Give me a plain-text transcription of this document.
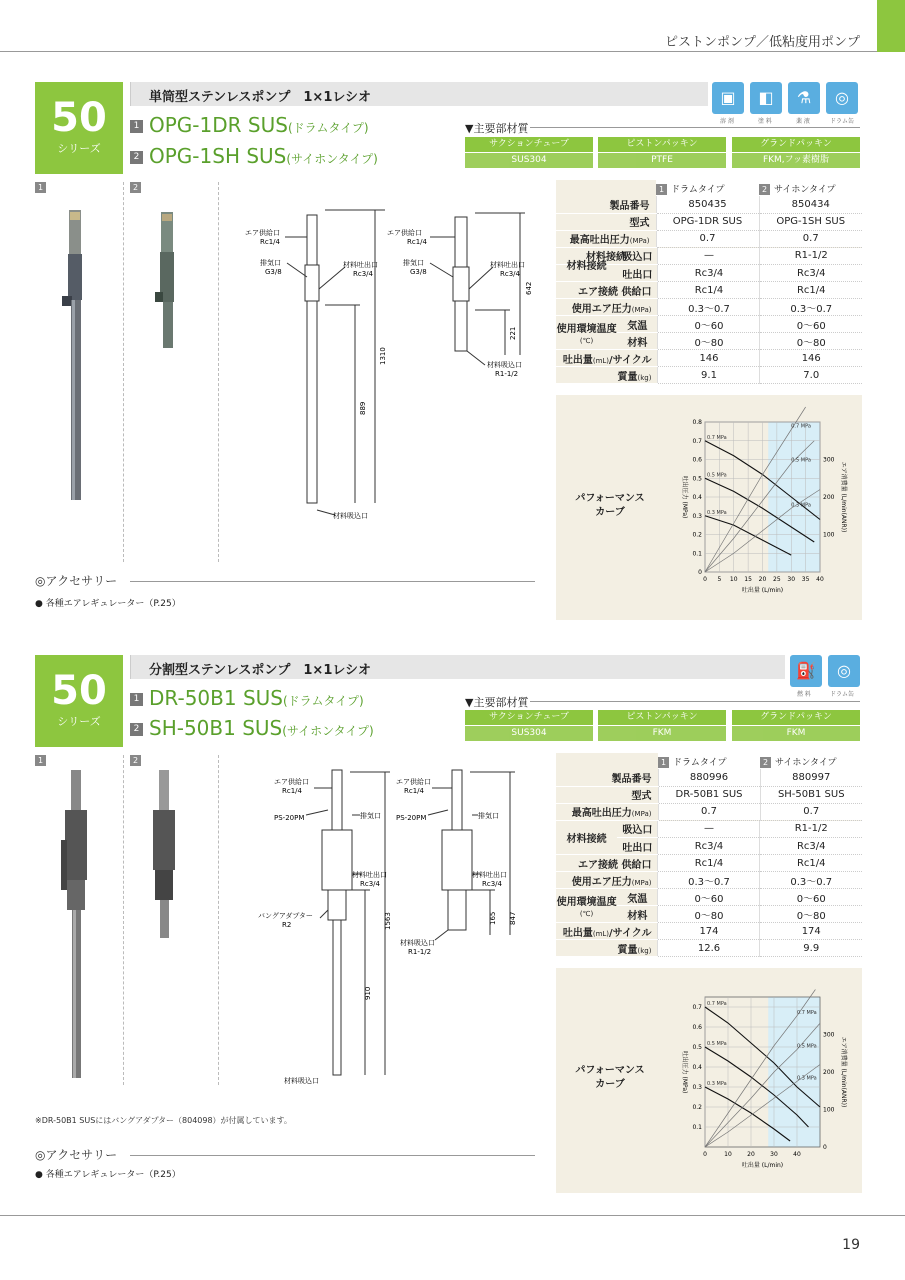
ピストンポンプ／低粘度用ポンプ
50
シリーズ
単筒型ステンレスポンプ　1×1レシオ
1 OPG-1DR SUS(ドラムタイプ)
2 OPG-1SH SUS(サイホンタイプ)
▣	◧	⚗	◎
溶 剤	塗 料	薬 液	ドラム缶
▼主要部材質
サクションチューブ
SUS304
ピストンパッキン
PTFE
グランドパッキン
FKM,フッ素樹脂
1	2
エア供給口
Rc1/4
排気口
G3/8
材料吐出口
Rc3/4
材料吸込口
エア供給口
Rc1/4
排気口
G3/8
材料吐出口
Rc3/4
材料吸込口
R1-1/2
1310
889
642
221
	1 ドラムタイプ	2 サイホンタイプ
製品番号	850435	850434
型式	OPG-1DR SUS	OPG-1SH SUS
最高吐出圧力(MPa)	0.7	0.7
材料接続		

材料接続	吸込口	—	R1-1/2
	吐出口	Rc3/4	Rc3/4
エア接続 供給口		Rc1/4	Rc1/4
使用エア圧力(MPa)		0.3～0.7	0.3～0.7
使用環境温度(℃)	気温	0～60	0～60
	材料	0～80	0～80
吐出量(mL)/サイクル		146	146
質量(kg)		9.1	7.0
パフォーマンス
カーブ
0 5 10 15 20 25 30 35 40
0
0.1
0.2
0.3
0.4
0.5
0.6
0.7
0.8
100
200
300
吐出量 (L/min)
吐出圧力 (MPa)	エア消費量 (L/min(ANR))
0.7 MPa
0.5 MPa
0.3 MPa
0.7 MPa
0.5 MPa
0.3 MPa
◎アクセサリー
● 各種エアレギュレーター（P.25）
50
シリーズ
分割型ステンレスポンプ　1×1レシオ
1 DR-50B1 SUS(ドラムタイプ)
2 SH-50B1 SUS(サイホンタイプ)
⛽	◎
燃 料	ドラム缶
▼主要部材質
サクションチューブ
SUS304
ピストンパッキン
FKM
グランドパッキン
FKM
1	2
エア供給口
Rc1/4
PS-20PM	排気口
材料吐出口
Rc3/4
バングアダプター
R2
材料吸込口
エア供給口
Rc1/4
PS-20PM	排気口
材料吐出口
Rc3/4
材料吸込口
R1-1/2
1563
910
847
165
	1 ドラムタイプ	2 サイホンタイプ
製品番号	880996	880997
型式	DR-50B1 SUS	SH-50B1 SUS
最高吐出圧力(MPa)	0.7	0.7
材料接続	吸込口	—	R1-1/2
	吐出口	Rc3/4	Rc3/4
エア接続 供給口		Rc1/4	Rc1/4
使用エア圧力(MPa)		0.3～0.7	0.3～0.7
使用環境温度(℃)	気温	0～60	0～60
	材料	0～80	0～80
吐出量(mL)/サイクル		174	174
質量(kg)		12.6	9.9
パフォーマンス
カーブ
0	10	20	30	40
0.1
0.2
0.3
0.4
0.5
0.6
0.7
0
100
200
300
吐出量 (L/min)
吐出圧力 (MPa)	エア消費量 (L/min(ANR))
0.7 MPa
0.5 MPa
0.3 MPa
0.7 MPa
0.5 MPa
0.3 MPa
※DR-50B1 SUSにはバングアダプター（804098）が付属しています。
◎アクセサリー
● 各種エアレギュレーター（P.25）
19
